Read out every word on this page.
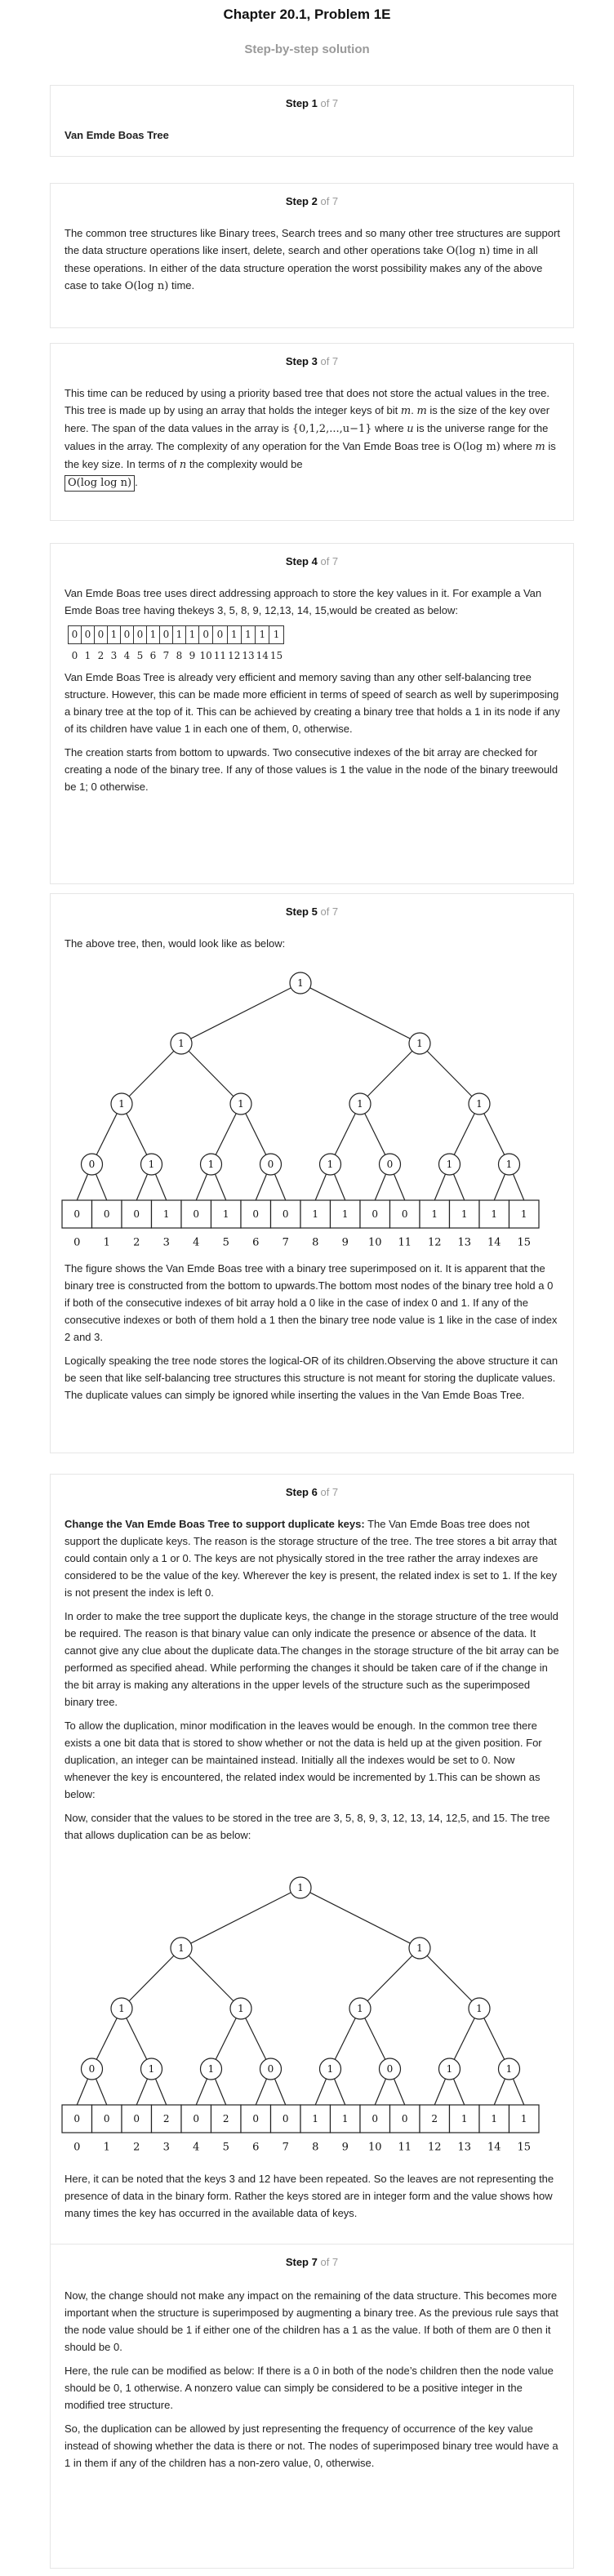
Chapter 20.1, Problem 1E
Step-by-step solution
Step 1 of 7
Van Emde Boas Tree
Step 2 of 7

The common tree structures like Binary trees, Search trees and so many other tree structures are support the data structure operations like insert, delete, search and other operations take O(log n) time in all these operations. In either of the data structure operation the worst possibility makes any of the above case to take O(log n) time.

Step 3 of 7

This time can be reduced by using a priority based tree that does not store the actual values in the tree. This tree is made up by using an array that holds the integer keys of bit m. m is the size of the key over here. The span of the data values in the array is {0,1,2,...,u−1} where u is the universe range for the values in the array. The complexity of any operation for the Van Emde Boas tree is O(log m) where m is the key size. In terms of n the complexity would be
O(log log n) .

Step 4 of 7

Van Emde Boas tree uses direct addressing approach to store the key values in it. For example a Van Emde Boas tree having thekeys 3, 5, 8, 9, 12,13, 14, 15,would be created as below:

0	0	0	1	0	0	1	0	1	1	0	0	1	1	1	1
0	1	2	3	4	5	6	7	8	9	10	11	12	13	14	15

Van Emde Boas Tree is already very efficient and memory saving than any other self-balancing tree structure. However, this can be made more efficient in terms of speed of search as well by superimposing a binary tree at the top of it. This can be achieved by creating a binary tree that holds a 1 in its node if any of its children have value 1 in each one of them, 0, otherwise.

The creation starts from bottom to upwards. Two consecutive indexes of the bit array are checked for creating a node of the binary tree. If any of those values is 1 the value in the node of the binary treewould be 1; 0 otherwise.

Step 5 of 7

The above tree, then, would look like as below:

0 0 0 1 0 1 0 0 1 1 0 0 1 1 1 1
0 1 2 3 4 5 6 7 8 9 10 11 12 13 14 15
1
1	1
1	1	1	1
0	1	1	0	1	0	1	1

The figure shows the Van Emde Boas tree with a binary tree superimposed on it. It is apparent that the binary tree is constructed from the bottom to upwards.The bottom most nodes of the binary tree hold a 0 if both of the consecutive indexes of bit array hold a 0 like in the case of index 0 and 1. If any of the consecutive indexes or both of them hold a 1 then the binary tree node value is 1 like in the case of index 2 and 3.

Logically speaking the tree node stores the logical-OR of its children.Observing the above structure it can be seen that like self-balancing tree structures this structure is not meant for storing the duplicate values. The duplicate values can simply be ignored while inserting the values in the Van Emde Boas Tree.

Step 6 of 7

Change the Van Emde Boas Tree to support duplicate keys: The Van Emde Boas tree does not support the duplicate keys. The reason is the storage structure of the tree. The tree stores a bit array that could contain only a 1 or 0. The keys are not physically stored in the tree rather the array indexes are considered to be the value of the key. Wherever the key is present, the related index is set to 1. If the key is not present the index is left 0.

In order to make the tree support the duplicate keys, the change in the storage structure of the tree would be required. The reason is that binary value can only indicate the presence or absence of the data. It cannot give any clue about the duplicate data.The changes in the storage structure of the bit array can be performed as specified ahead. While performing the changes it should be taken care of if the change in the bit array is making any alterations in the upper levels of the structure such as the superimposed binary tree.

To allow the duplication, minor modification in the leaves would be enough. In the common tree there exists a one bit data that is stored to show whether or not the data is held up at the given position. For duplication, an integer can be maintained instead. Initially all the indexes would be set to 0. Now whenever the key is encountered, the related index would be incremented by 1.This can be shown as below:

Now, consider that the values to be stored in the tree are 3, 5, 8, 9, 3, 12, 13, 14, 12,5, and 15. The tree that allows duplication can be as below:

0 0 0 2 0 2 0 0 1 1 0 0 2 1 1 1
0 1 2 3 4 5 6 7 8 9 10 11 12 13 14 15
1
1	1
1	1	1	1
0	1	1	0	1	0	1	1

Here, it can be noted that the keys 3 and 12 have been repeated. So the leaves are not representing the presence of data in the binary form. Rather the keys stored are in integer form and the value shows how many times the key has occurred in the available data of keys.

Step 7 of 7

Now, the change should not make any impact on the remaining of the data structure. This becomes more important when the structure is superimposed by augmenting a binary tree. As the previous rule says that the node value should be 1 if either one of the children has a 1 as the value. If both of them are 0 then it should be 0.

Here, the rule can be modified as below: If there is a 0 in both of the node’s children then the node value should be 0, 1 otherwise. A nonzero value can simply be considered to be a positive integer in the modified tree structure.

So, the duplication can be allowed by just representing the frequency of occurrence of the key value instead of showing whether the data is there or not. The nodes of superimposed binary tree would have a 1 in them if any of the children has a non-zero value, 0, otherwise.
